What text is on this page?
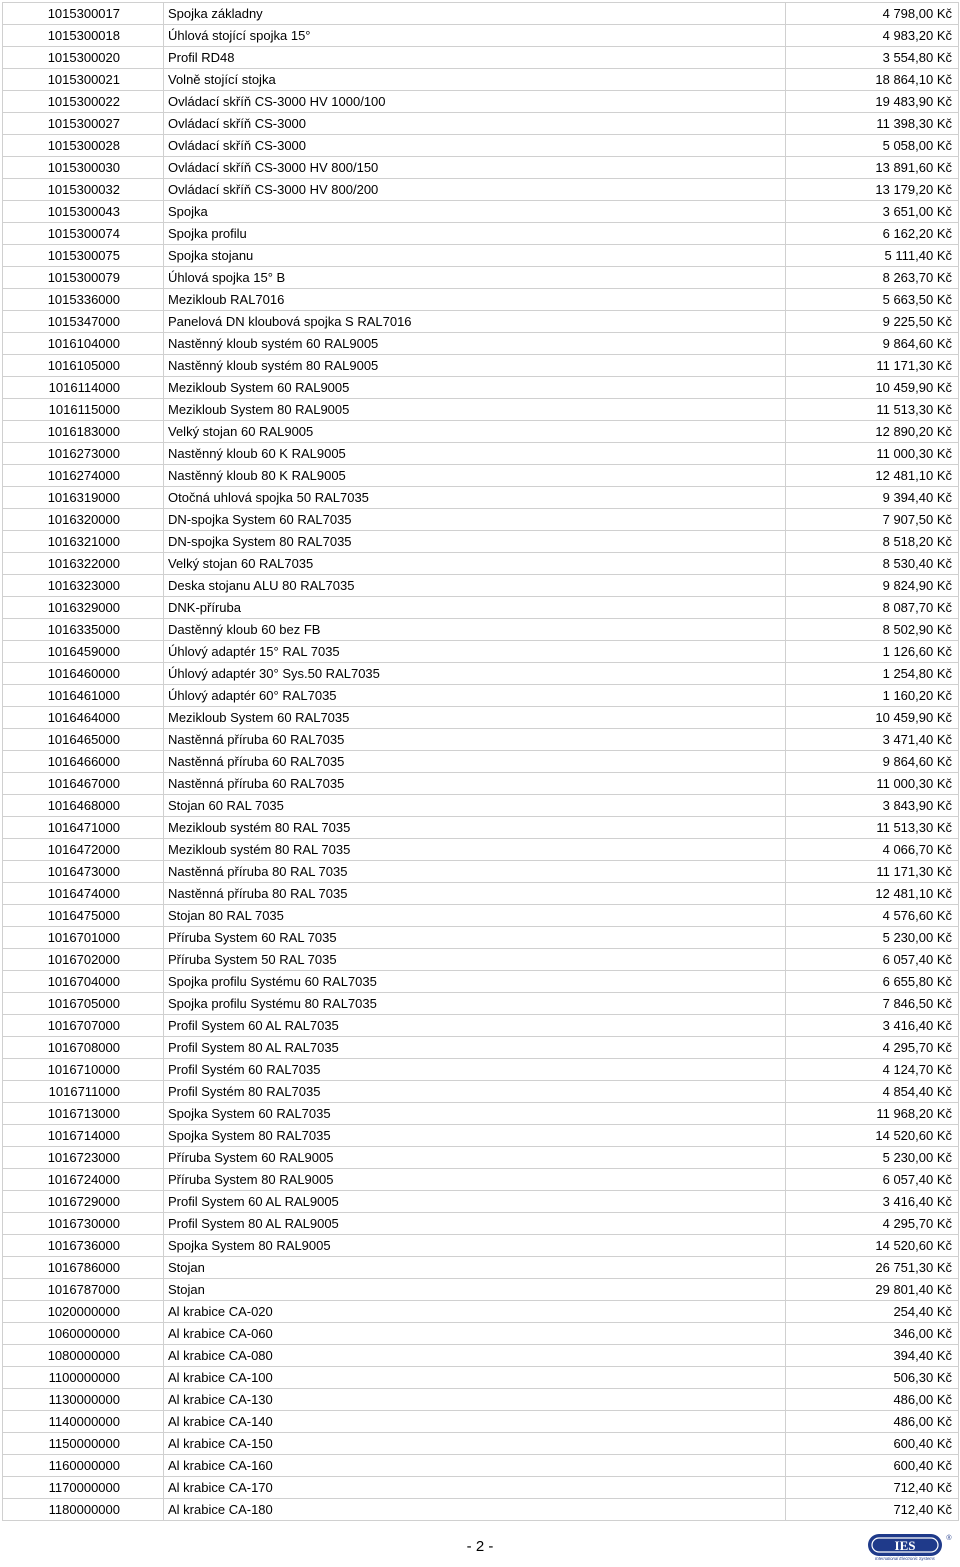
1015300017	Spojka základny	4 798,00 Kč
1015300018	Úhlová stojící spojka 15°	4 983,20 Kč
1015300020	Profil RD48	3 554,80 Kč
1015300021	Volně stojící stojka	18 864,10 Kč
1015300022	Ovládací skříň CS-3000 HV 1000/100	19 483,90 Kč
1015300027	Ovládací skříň CS-3000	11 398,30 Kč
1015300028	Ovládací skříň CS-3000	5 058,00 Kč
1015300030	Ovládací skříň CS-3000 HV 800/150	13 891,60 Kč
1015300032	Ovládací skříň CS-3000 HV 800/200	13 179,20 Kč
1015300043	Spojka	3 651,00 Kč
1015300074	Spojka profilu	6 162,20 Kč
1015300075	Spojka stojanu	5 111,40 Kč
1015300079	Úhlová spojka 15° B	8 263,70 Kč
1015336000	Mezikloub RAL7016	5 663,50 Kč
1015347000	Panelová DN kloubová spojka S RAL7016	9 225,50 Kč
1016104000	Nastěnný kloub systém 60 RAL9005	9 864,60 Kč
1016105000	Nastěnný kloub systém 80 RAL9005	11 171,30 Kč
1016114000	Mezikloub System 60 RAL9005	10 459,90 Kč
1016115000	Mezikloub System 80 RAL9005	11 513,30 Kč
1016183000	Velký stojan 60 RAL9005	12 890,20 Kč
1016273000	Nastěnný kloub 60 K RAL9005	11 000,30 Kč
1016274000	Nastěnný kloub 80 K RAL9005	12 481,10 Kč
1016319000	Otočná uhlová spojka 50 RAL7035	9 394,40 Kč
1016320000	DN-spojka System 60 RAL7035	7 907,50 Kč
1016321000	DN-spojka System 80 RAL7035	8 518,20 Kč
1016322000	Velký stojan 60 RAL7035	8 530,40 Kč
1016323000	Deska stojanu ALU 80 RAL7035	9 824,90 Kč
1016329000	DNK-příruba	8 087,70 Kč
1016335000	Dastěnný kloub 60 bez FB	8 502,90 Kč
1016459000	Úhlový adaptér 15° RAL 7035	1 126,60 Kč
1016460000	Úhlový adaptér 30° Sys.50 RAL7035	1 254,80 Kč
1016461000	Úhlový adaptér 60° RAL7035	1 160,20 Kč
1016464000	Mezikloub System 60 RAL7035	10 459,90 Kč
1016465000	Nastěnná příruba 60 RAL7035	3 471,40 Kč
1016466000	Nastěnná příruba 60 RAL7035	9 864,60 Kč
1016467000	Nastěnná příruba 60 RAL7035	11 000,30 Kč
1016468000	Stojan 60 RAL 7035	3 843,90 Kč
1016471000	Mezikloub systém 80 RAL 7035	11 513,30 Kč
1016472000	Mezikloub systém 80 RAL 7035	4 066,70 Kč
1016473000	Nastěnná příruba 80 RAL 7035	11 171,30 Kč
1016474000	Nastěnná příruba 80 RAL 7035	12 481,10 Kč
1016475000	Stojan 80 RAL 7035	4 576,60 Kč
1016701000	Příruba System 60 RAL 7035	5 230,00 Kč
1016702000	Příruba System 50 RAL 7035	6 057,40 Kč
1016704000	Spojka profilu Systému 60 RAL7035	6 655,80 Kč
1016705000	Spojka profilu Systému 80 RAL7035	7 846,50 Kč
1016707000	Profil System 60 AL RAL7035	3 416,40 Kč
1016708000	Profil System 80 AL RAL7035	4 295,70 Kč
1016710000	Profil Systém 60 RAL7035	4 124,70 Kč
1016711000	Profil Systém 80 RAL7035	4 854,40 Kč
1016713000	Spojka System 60 RAL7035	11 968,20 Kč
1016714000	Spojka System 80 RAL7035	14 520,60 Kč
1016723000	Příruba System 60 RAL9005	5 230,00 Kč
1016724000	Příruba System 80 RAL9005	6 057,40 Kč
1016729000	Profil System 60 AL RAL9005	3 416,40 Kč
1016730000	Profil System 80 AL RAL9005	4 295,70 Kč
1016736000	Spojka System 80 RAL9005	14 520,60 Kč
1016786000	Stojan	26 751,30 Kč
1016787000	Stojan	29 801,40 Kč
1020000000	Al krabice CA-020	254,40 Kč
1060000000	Al krabice CA-060	346,00 Kč
1080000000	Al krabice CA-080	394,40 Kč
1100000000	Al krabice CA-100	506,30 Kč
1130000000	Al krabice CA-130	486,00 Kč
1140000000	Al krabice CA-140	486,00 Kč
1150000000	Al krabice CA-150	600,40 Kč
1160000000	Al krabice CA-160	600,40 Kč
1170000000	Al krabice CA-170	712,40 Kč
1180000000	Al krabice CA-180	712,40 Kč
- 2 -	IES	®
International Electronic Systems
